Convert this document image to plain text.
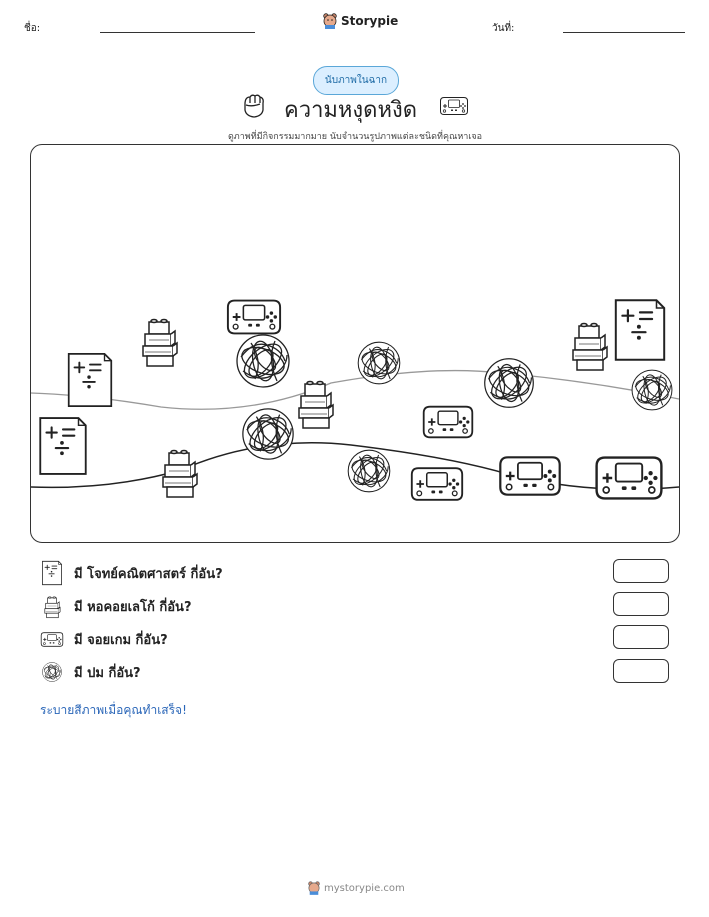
ชื่อ:
Storypie
วันที่:
นับภาพในฉาก
ความหงุดหงิด
ดูภาพที่มีกิจกรรมมากมาย นับจำนวนรูปภาพแต่ละชนิดที่คุณหาเจอ
มี โจทย์คณิตศาสตร์ กี่อัน?
มี หอคอยเลโก้ กี่อัน?
มี จอยเกม กี่อัน?
มี ปม กี่อัน?
ระบายสีภาพเมื่อคุณทำเสร็จ!
mystorypie.com
